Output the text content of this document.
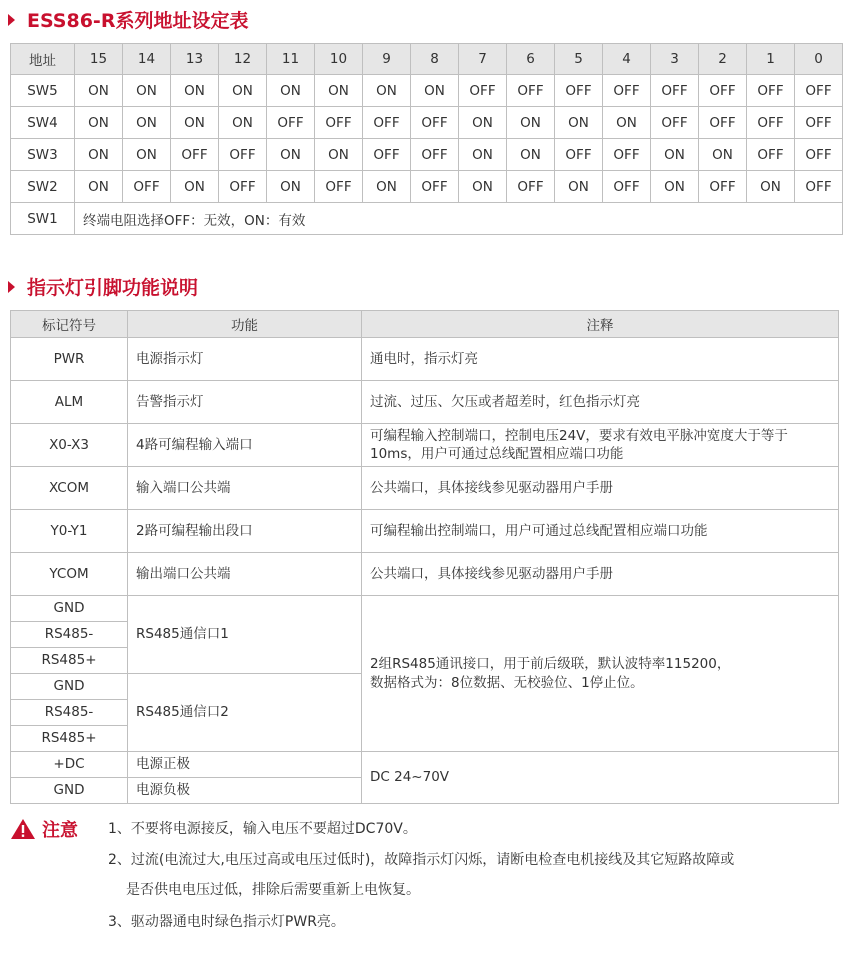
ESS86-R系列地址设定表
地址	15	14	13	12	11	10	9	8	7	6	5	4	3	2	1	0
SW5	ON	ON	ON	ON	ON	ON	ON	ON	OFF	OFF	OFF	OFF	OFF	OFF	OFF	OFF
SW4	ON	ON	ON	ON	OFF	OFF	OFF	OFF	ON	ON	ON	ON	OFF	OFF	OFF	OFF
SW3	ON	ON	OFF	OFF	ON	ON	OFF	OFF	ON	ON	OFF	OFF	ON	ON	OFF	OFF
SW2	ON	OFF	ON	OFF	ON	OFF	ON	OFF	ON	OFF	ON	OFF	ON	OFF	ON	OFF
SW1	终端电阻选择OFF：无效，ON：有效															
指示灯引脚功能说明
标记符号	功能	注释
PWR	电源指示灯	通电时，指示灯亮
ALM	告警指示灯	过流、过压、欠压或者超差时，红色指示灯亮
X0-X3	4路可编程输入端口	可编程输入控制端口，控制电压24V，要求有效电平脉冲宽度大于等于10ms，用户可通过总线配置相应端口功能
XCOM	输入端口公共端	公共端口，具体接线参见驱动器用户手册
Y0-Y1	2路可编程输出段口	可编程输出控制端口，用户可通过总线配置相应端口功能
YCOM	输出端口公共端	公共端口，具体接线参见驱动器用户手册
GND	RS485通信口1	2组RS485通讯接口，用于前后级联，默认波特率115200，
数据格式为：8位数据、无校验位、1停止位。

RS485-		
RS485+		
GND	RS485通信口2	
RS485-		
RS485+		
+DC	电源正极	DC 24~70V
GND	电源负极	
注意 1、不要将电源接反，输入电压不要超过DC70V。
2、过流(电流过大,电压过高或电压过低时)，故障指示灯闪烁，请断电检查电机接线及其它短路故障或
是否供电电压过低，排除后需要重新上电恢复。
3、驱动器通电时绿色指示灯PWR亮。
